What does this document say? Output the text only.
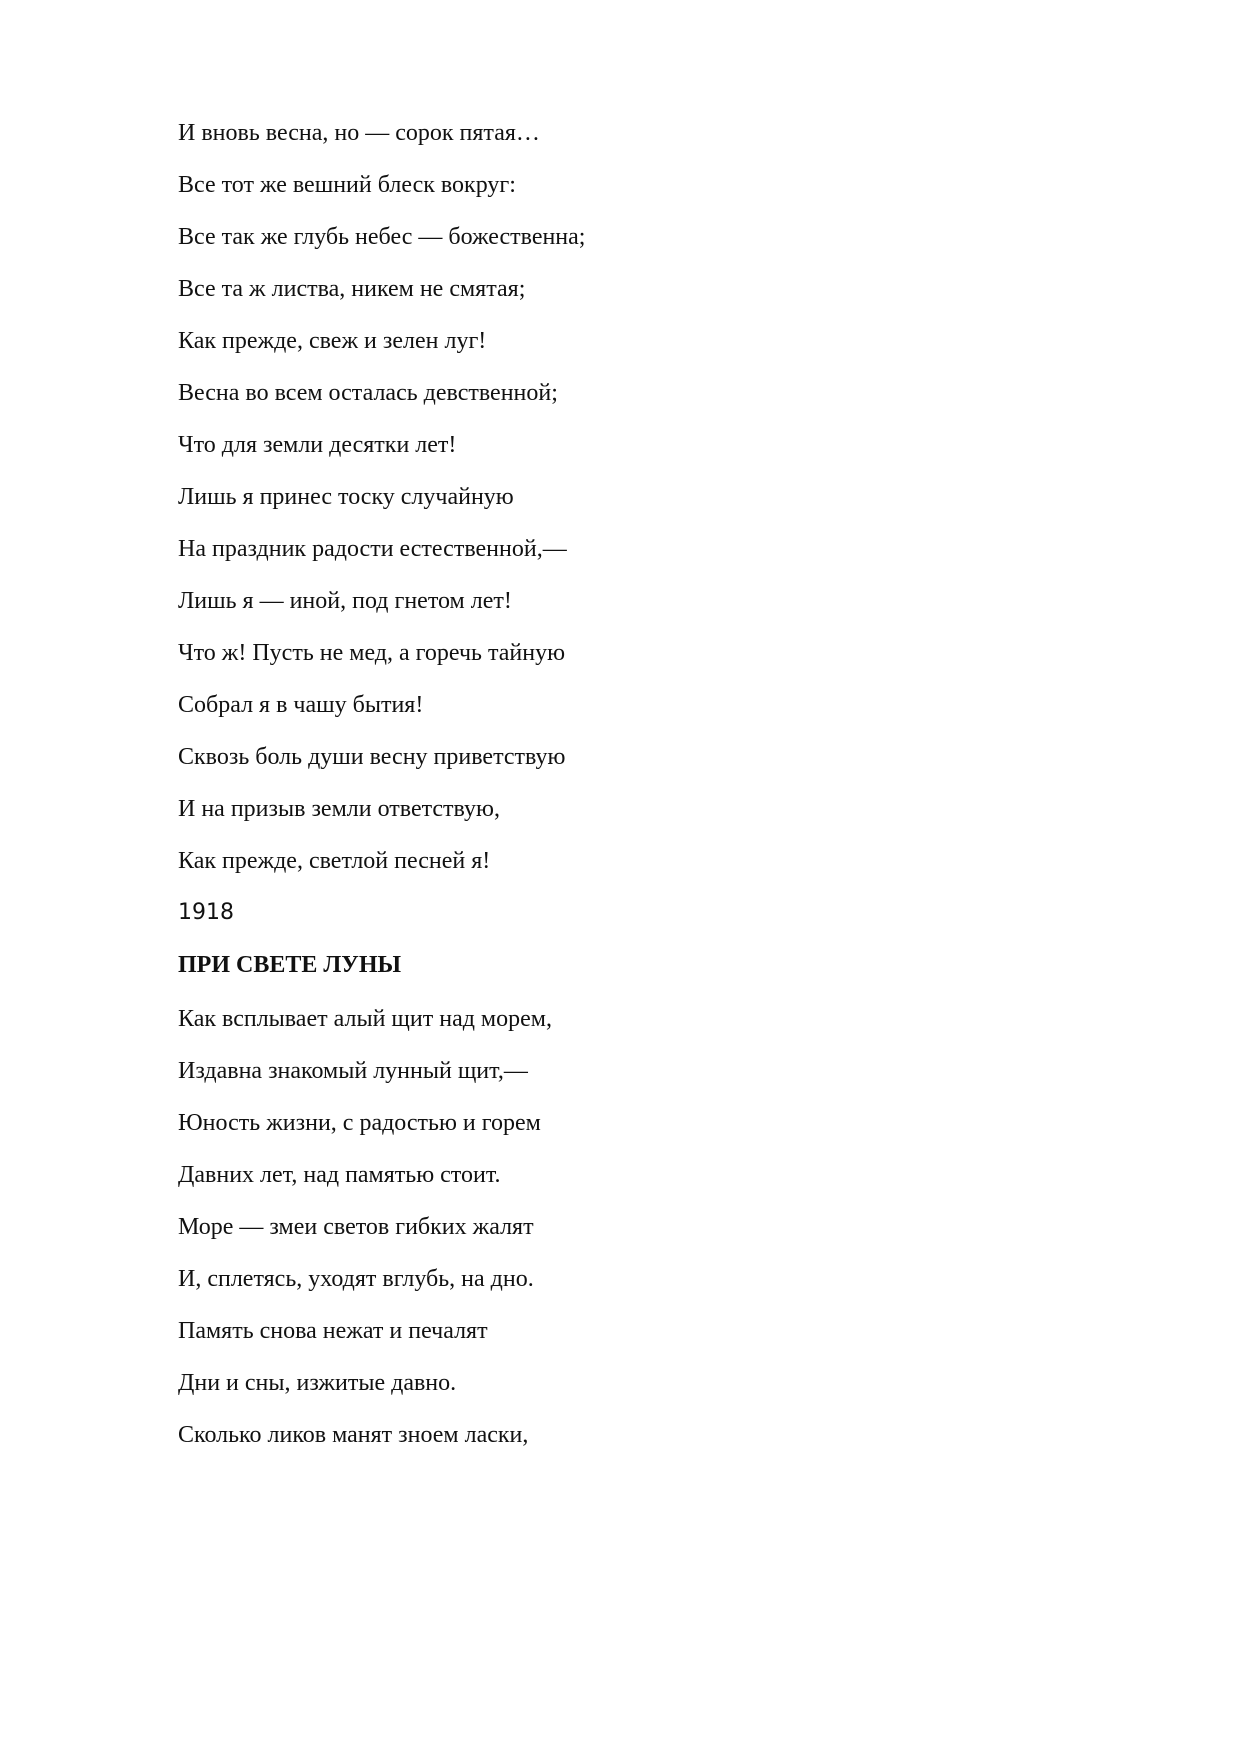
И вновь весна, но — сорок пятая…

Все тот же вешний блеск вокруг:

Все так же глубь небес — божественна;

Все та ж листва, никем не смятая;

Как прежде, свеж и зелен луг!

Весна во всем осталась девственной;

Что для земли десятки лет!

Лишь я принес тоску случайную

На праздник радости естественной,—

Лишь я — иной, под гнетом лет!

Что ж! Пусть не мед, а горечь тайную

Собрал я в чашу бытия!

Сквозь боль души весну приветствую

И на призыв земли ответствую,

Как прежде, светлой песней я!

1918

ПРИ СВЕТЕ ЛУНЫ

Как всплывает алый щит над морем,

Издавна знакомый лунный щит,—

Юность жизни, с радостью и горем

Давних лет, над памятью стоит.

Море — змеи светов гибких жалят

И, сплетясь, уходят вглубь, на дно.

Память снова нежат и печалят

Дни и сны, изжитые давно.

Сколько ликов манят зноем ласки,
